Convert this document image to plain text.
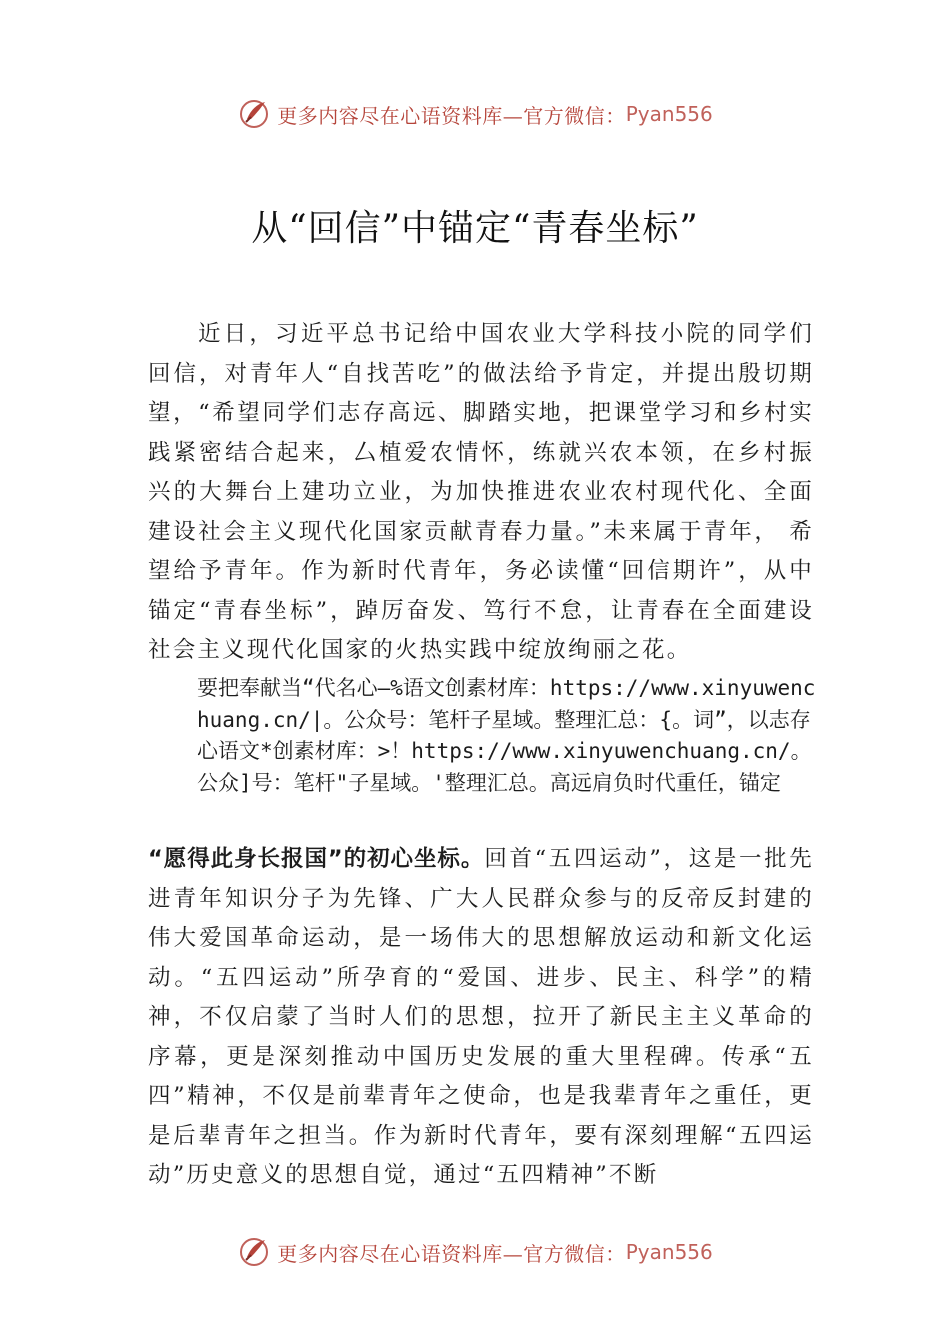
更多内容尽在心语资料库—官方微信： Pyan556
从“回信”中锚定“青春坐标”

近日，习近平总书记给中国农业大学科技小院的同学们回信，对青年人“自找苦吃”的做法给予肯定，并提出殷切期望，“希望同学们志存高远、脚踏实地，把课堂学习和乡村实践紧密结合起来，厶植爱农情怀，练就兴农本领，在乡村振兴的大舞台上建功立业，为加快推进农业农村现代化、全面建设社会主义现代化国家贡献青春力量。”未来属于青年， 希望给予青年。作为新时代青年，务必读懂“回信期许”，从中锚定“青春坐标”，踔厉奋发、笃行不怠，让青春在全面建设社会主义现代化国家的火热实践中绽放绚丽之花。

要把奉献当“代名心—%语文创素材库：https://www.xinyuwenchuang.cn/|。公众号：笔杆子星域。整理汇总：{。词”，以志存心语文*创素材库：>！https://www.xinyuwenchuang.cn/。公众]号：笔杆"子星域。'整理汇总。高远肩负时代重任，锚定

“愿得此身长报国”的初心坐标。回首“五四运动”，这是一批先进青年知识分子为先锋、广大人民群众参与的反帝反封建的伟大爱国革命运动，是一场伟大的思想解放运动和新文化运动。“五四运动”所孕育的“爱国、进步、民主、科学”的精神，不仅启蒙了当时人们的思想，拉开了新民主主义革命的序幕，更是深刻推动中国历史发展的重大里程碑。传承“五四”精神，不仅是前辈青年之使命，也是我辈青年之重任，更是后辈青年之担当。作为新时代青年，要有深刻理解“五四运动”历史意义的思想自觉，通过“五四精神”不断

更多内容尽在心语资料库—官方微信： Pyan556
